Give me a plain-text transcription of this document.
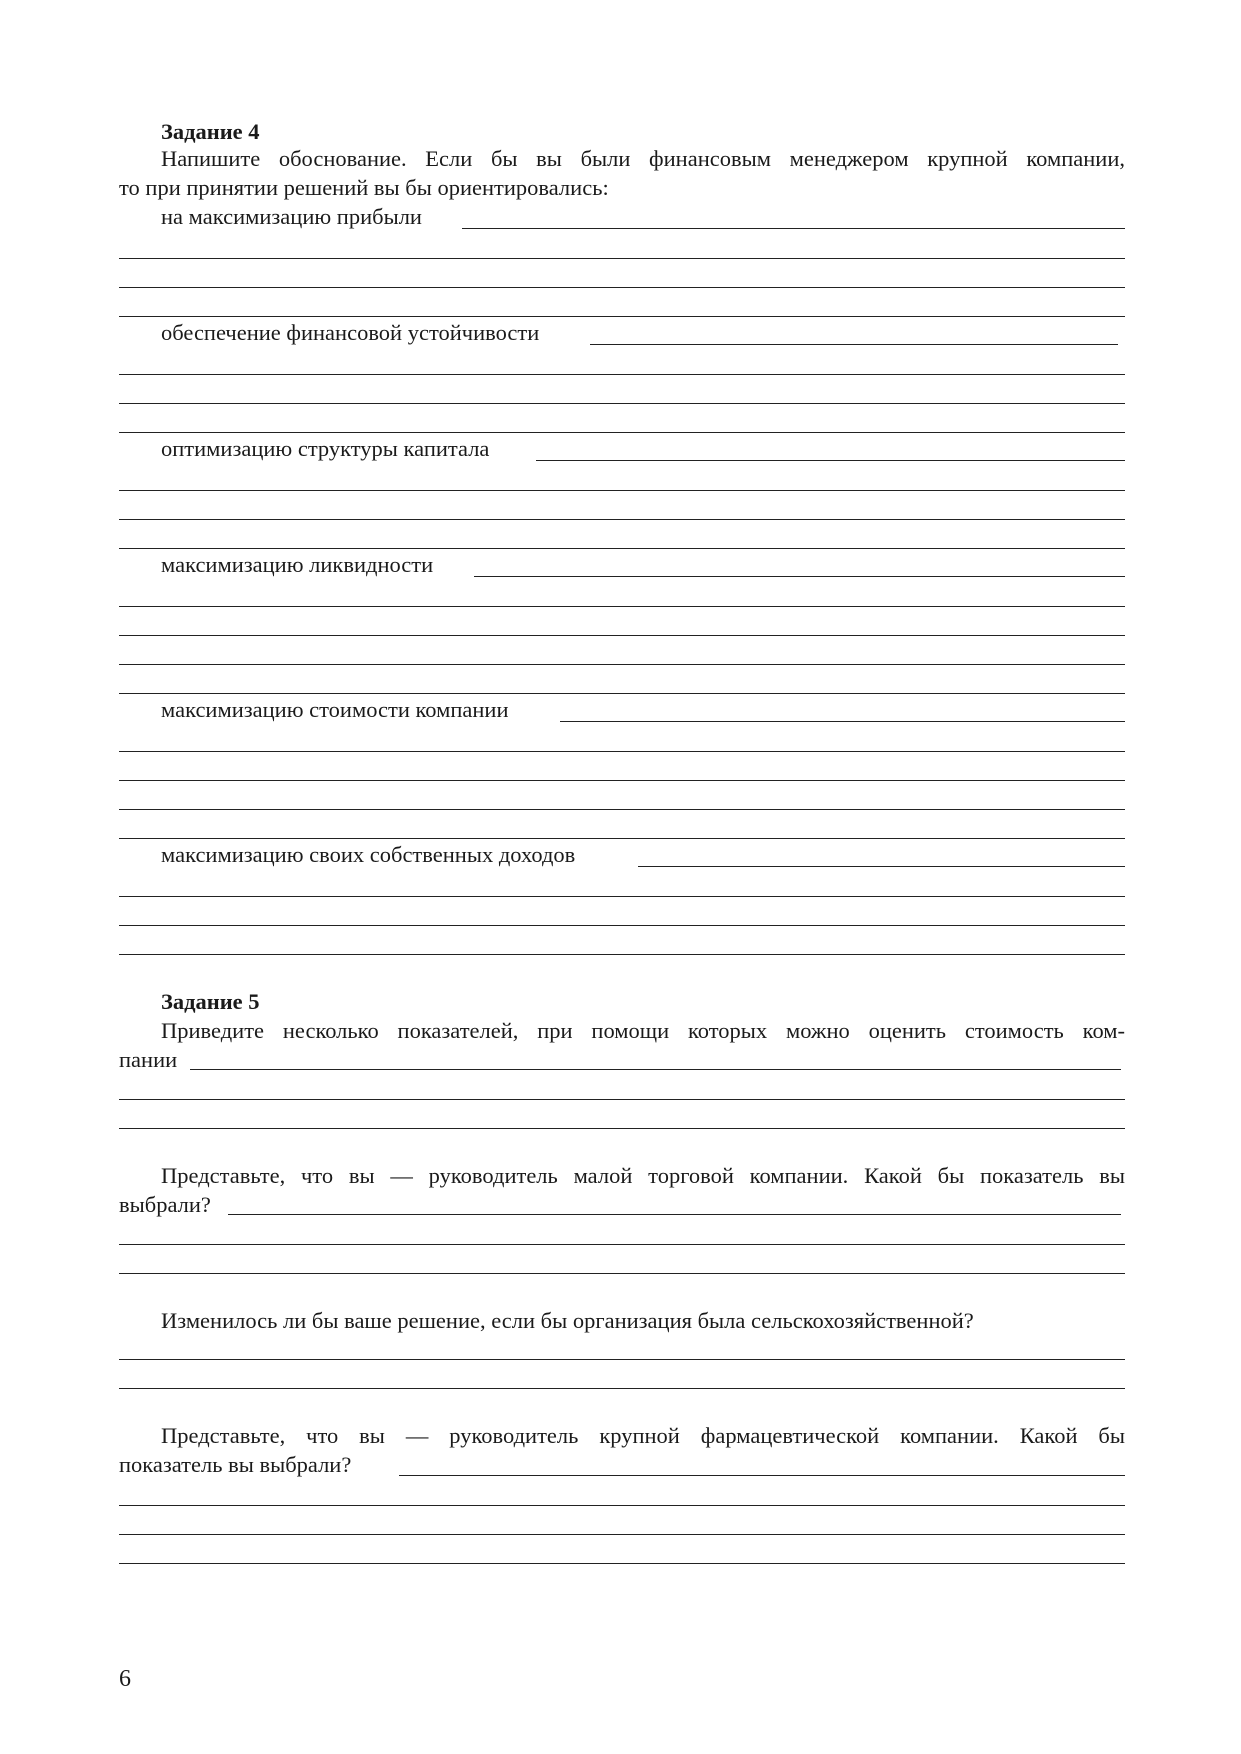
Задание 4
Напишите обоснование. Если бы вы были финансовым менеджером крупной компании,
то при принятии решений вы бы ориентировались:
на максимизацию прибыли
обеспечение финансовой устойчивости
оптимизацию структуры капитала
максимизацию ликвидности
максимизацию стоимости компании
максимизацию своих собственных доходов
Задание 5
Приведите несколько показателей, при помощи которых можно оценить стоимость ком-
пании
Представьте, что вы — руководитель малой торговой компании. Какой бы показатель вы
выбрали?
Изменилось ли бы ваше решение, если бы организация была сельскохозяйственной?
Представьте, что вы — руководитель крупной фармацевтической компании. Какой бы
показатель вы выбрали?
6
